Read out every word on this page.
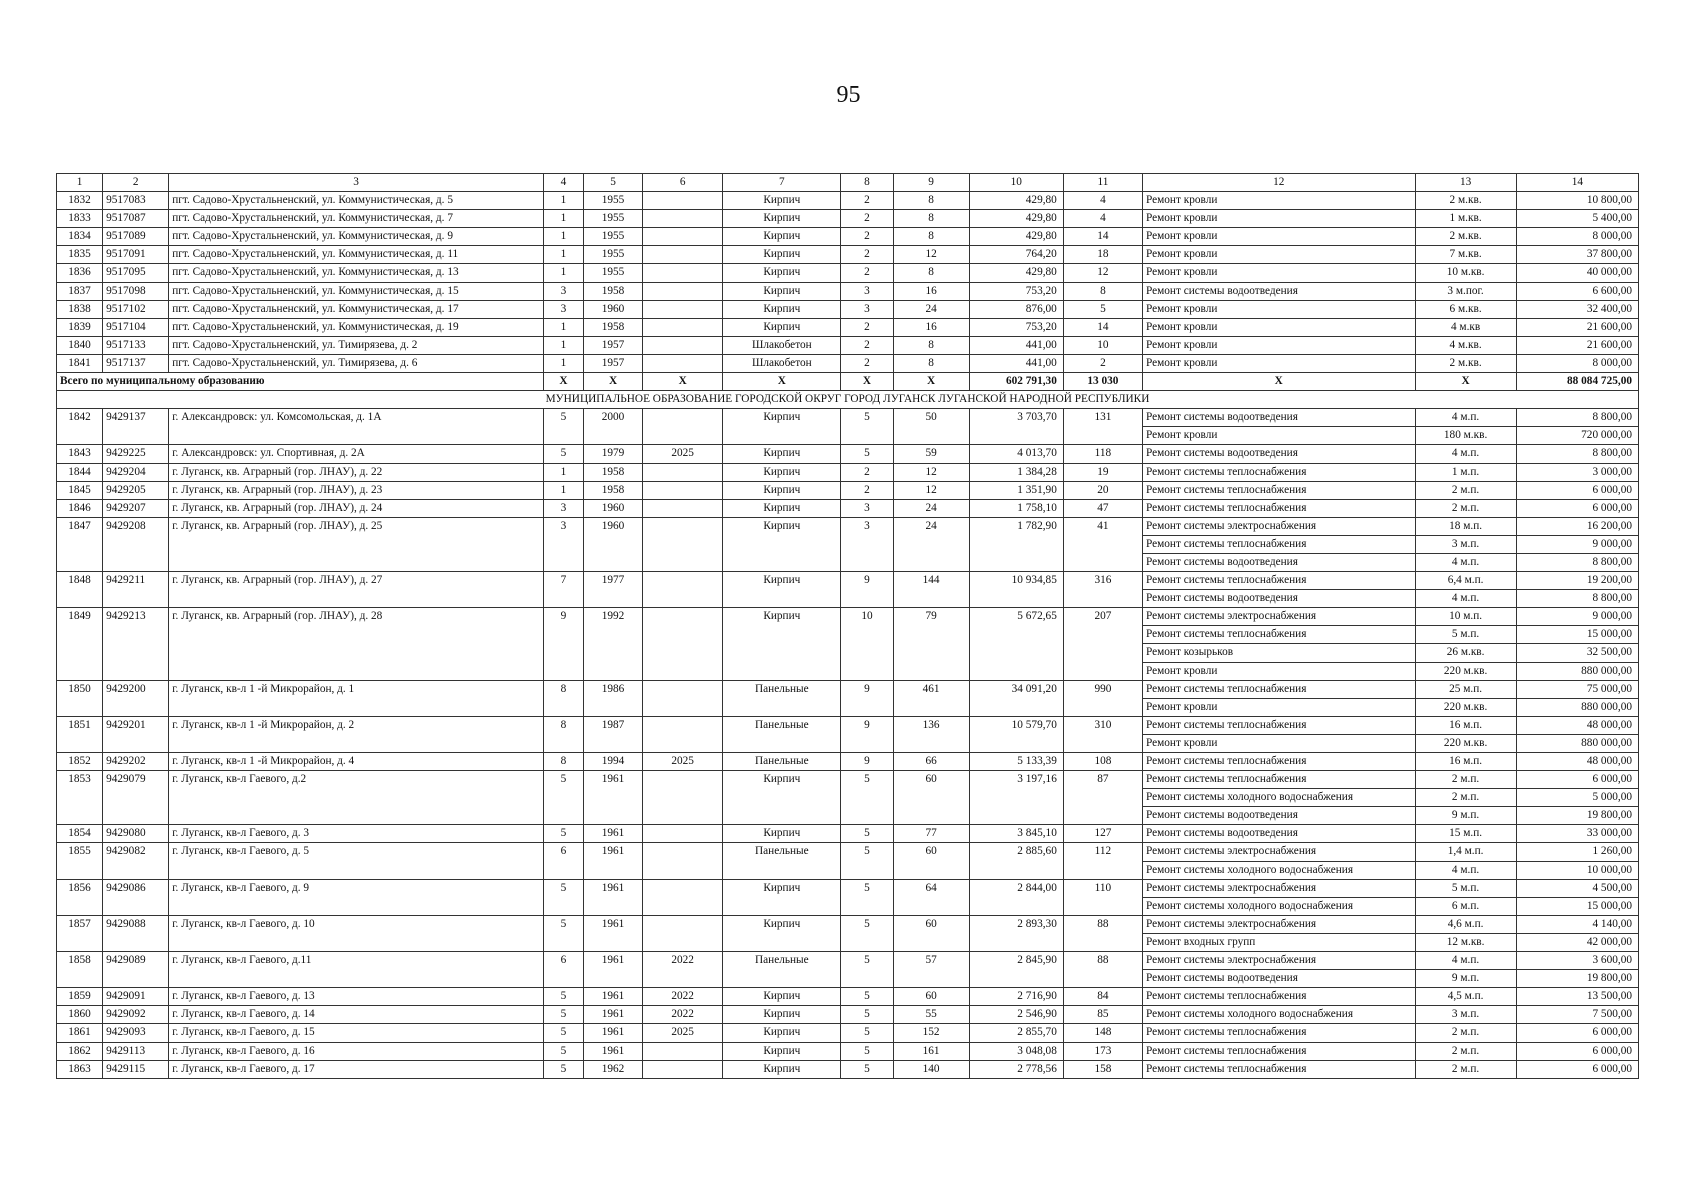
95
1	2	3	4	5	6	7	8	9	10	11	12	13	14
1832	9517083	пгт. Садово-Хрустальненский, ул. Коммунистическая, д. 5	1	1955		Кирпич	2	8	429,80	4	Ремонт кровли	2 м.кв.	10 800,00
1833	9517087	пгт. Садово-Хрустальненский, ул. Коммунистическая, д. 7	1	1955		Кирпич	2	8	429,80	4	Ремонт кровли	1 м.кв.	5 400,00
1834	9517089	пгт. Садово-Хрустальненский, ул. Коммунистическая, д. 9	1	1955		Кирпич	2	8	429,80	14	Ремонт кровли	2 м.кв.	8 000,00
1835	9517091	пгт. Садово-Хрустальненский, ул. Коммунистическая, д. 11	1	1955		Кирпич	2	12	764,20	18	Ремонт кровли	7 м.кв.	37 800,00
1836	9517095	пгт. Садово-Хрустальненский, ул. Коммунистическая, д. 13	1	1955		Кирпич	2	8	429,80	12	Ремонт кровли	10 м.кв.	40 000,00
1837	9517098	пгт. Садово-Хрустальненский, ул. Коммунистическая, д. 15	3	1958		Кирпич	3	16	753,20	8	Ремонт системы водоотведения	3 м.пог.	6 600,00
1838	9517102	пгт. Садово-Хрустальненский, ул. Коммунистическая, д. 17	3	1960		Кирпич	3	24	876,00	5	Ремонт кровли	6 м.кв.	32 400,00
1839	9517104	пгт. Садово-Хрустальненский, ул. Коммунистическая, д. 19	1	1958		Кирпич	2	16	753,20	14	Ремонт кровли	4 м.кв	21 600,00
1840	9517133	пгт. Садово-Хрустальненский, ул. Тимирязева, д. 2	1	1957		Шлакобетон	2	8	441,00	10	Ремонт кровли	4 м.кв.	21 600,00
1841	9517137	пгт. Садово-Хрустальненский, ул. Тимирязева, д. 6	1	1957		Шлакобетон	2	8	441,00	2	Ремонт кровли	2 м.кв.	8 000,00
Всего по муниципальному образованию			X	X	X	X	X	X	602 791,30	13 030	X	X	88 084 725,00
МУНИЦИПАЛЬНОЕ ОБРАЗОВАНИЕ ГОРОДСКОЙ ОКРУГ ГОРОД ЛУГАНСК ЛУГАНСКОЙ НАРОДНОЙ РЕСПУБЛИКИ													
1842	9429137	г. Александровск: ул. Комсомольская, д. 1А	5	2000		Кирпич	5	50	3 703,70	131	Ремонт системы водоотведения	4 м.п.	8 800,00
											Ремонт кровли	180 м.кв.	720 000,00
1843	9429225	г. Александровск: ул. Спортивная, д. 2А	5	1979	2025	Кирпич	5	59	4 013,70	118	Ремонт системы водоотведения	4 м.п.	8 800,00
1844	9429204	г. Луганск, кв. Аграрный (гор. ЛНАУ), д. 22	1	1958		Кирпич	2	12	1 384,28	19	Ремонт системы теплоснабжения	1 м.п.	3 000,00
1845	9429205	г. Луганск, кв. Аграрный (гор. ЛНАУ), д. 23	1	1958		Кирпич	2	12	1 351,90	20	Ремонт системы теплоснабжения	2 м.п.	6 000,00
1846	9429207	г. Луганск, кв. Аграрный (гор. ЛНАУ), д. 24	3	1960		Кирпич	3	24	1 758,10	47	Ремонт системы теплоснабжения	2 м.п.	6 000,00
1847	9429208	г. Луганск, кв. Аграрный (гор. ЛНАУ), д. 25	3	1960		Кирпич	3	24	1 782,90	41	Ремонт системы электроснабжения	18 м.п.	16 200,00
											Ремонт системы теплоснабжения	3 м.п.	9 000,00
											Ремонт системы водоотведения	4 м.п.	8 800,00
1848	9429211	г. Луганск, кв. Аграрный (гор. ЛНАУ), д. 27	7	1977		Кирпич	9	144	10 934,85	316	Ремонт системы теплоснабжения	6,4 м.п.	19 200,00
											Ремонт системы водоотведения	4 м.п.	8 800,00
1849	9429213	г. Луганск, кв. Аграрный (гор. ЛНАУ), д. 28	9	1992		Кирпич	10	79	5 672,65	207	Ремонт системы электроснабжения	10 м.п.	9 000,00
											Ремонт системы теплоснабжения	5 м.п.	15 000,00
											Ремонт козырьков	26 м.кв.	32 500,00
											Ремонт кровли	220 м.кв.	880 000,00
1850	9429200	г. Луганск, кв-л 1 -й Микрорайон, д. 1	8	1986		Панельные	9	461	34 091,20	990	Ремонт системы теплоснабжения	25 м.п.	75 000,00
											Ремонт кровли	220 м.кв.	880 000,00
1851	9429201	г. Луганск, кв-л 1 -й Микрорайон, д. 2	8	1987		Панельные	9	136	10 579,70	310	Ремонт системы теплоснабжения	16 м.п.	48 000,00
											Ремонт кровли	220 м.кв.	880 000,00
1852	9429202	г. Луганск, кв-л 1 -й Микрорайон, д. 4	8	1994	2025	Панельные	9	66	5 133,39	108	Ремонт системы теплоснабжения	16 м.п.	48 000,00
1853	9429079	г. Луганск, кв-л Гаевого, д.2	5	1961		Кирпич	5	60	3 197,16	87	Ремонт системы теплоснабжения	2 м.п.	6 000,00
											Ремонт системы холодного водоснабжения	2 м.п.	5 000,00
											Ремонт системы водоотведения	9 м.п.	19 800,00
1854	9429080	г. Луганск, кв-л Гаевого, д. 3	5	1961		Кирпич	5	77	3 845,10	127	Ремонт системы водоотведения	15 м.п.	33 000,00
1855	9429082	г. Луганск, кв-л Гаевого, д. 5	6	1961		Панельные	5	60	2 885,60	112	Ремонт системы электроснабжения	1,4 м.п.	1 260,00
											Ремонт системы холодного водоснабжения	4 м.п.	10 000,00
1856	9429086	г. Луганск, кв-л Гаевого, д. 9	5	1961		Кирпич	5	64	2 844,00	110	Ремонт системы электроснабжения	5 м.п.	4 500,00
											Ремонт системы холодного водоснабжения	6 м.п.	15 000,00
1857	9429088	г. Луганск, кв-л Гаевого, д. 10	5	1961		Кирпич	5	60	2 893,30	88	Ремонт системы электроснабжения	4,6 м.п.	4 140,00
											Ремонт входных групп	12 м.кв.	42 000,00
1858	9429089	г. Луганск, кв-л Гаевого, д.11	6	1961	2022	Панельные	5	57	2 845,90	88	Ремонт системы электроснабжения	4 м.п.	3 600,00
											Ремонт системы водоотведения	9 м.п.	19 800,00
1859	9429091	г. Луганск, кв-л Гаевого, д. 13	5	1961	2022	Кирпич	5	60	2 716,90	84	Ремонт системы теплоснабжения	4,5 м.п.	13 500,00
1860	9429092	г. Луганск, кв-л Гаевого, д. 14	5	1961	2022	Кирпич	5	55	2 546,90	85	Ремонт системы холодного водоснабжения	3 м.п.	7 500,00
1861	9429093	г. Луганск, кв-л Гаевого, д. 15	5	1961	2025	Кирпич	5	152	2 855,70	148	Ремонт системы теплоснабжения	2 м.п.	6 000,00
1862	9429113	г. Луганск, кв-л Гаевого, д. 16	5	1961		Кирпич	5	161	3 048,08	173	Ремонт системы теплоснабжения	2 м.п.	6 000,00
1863	9429115	г. Луганск, кв-л Гаевого, д. 17	5	1962		Кирпич	5	140	2 778,56	158	Ремонт системы теплоснабжения	2 м.п.	6 000,00
